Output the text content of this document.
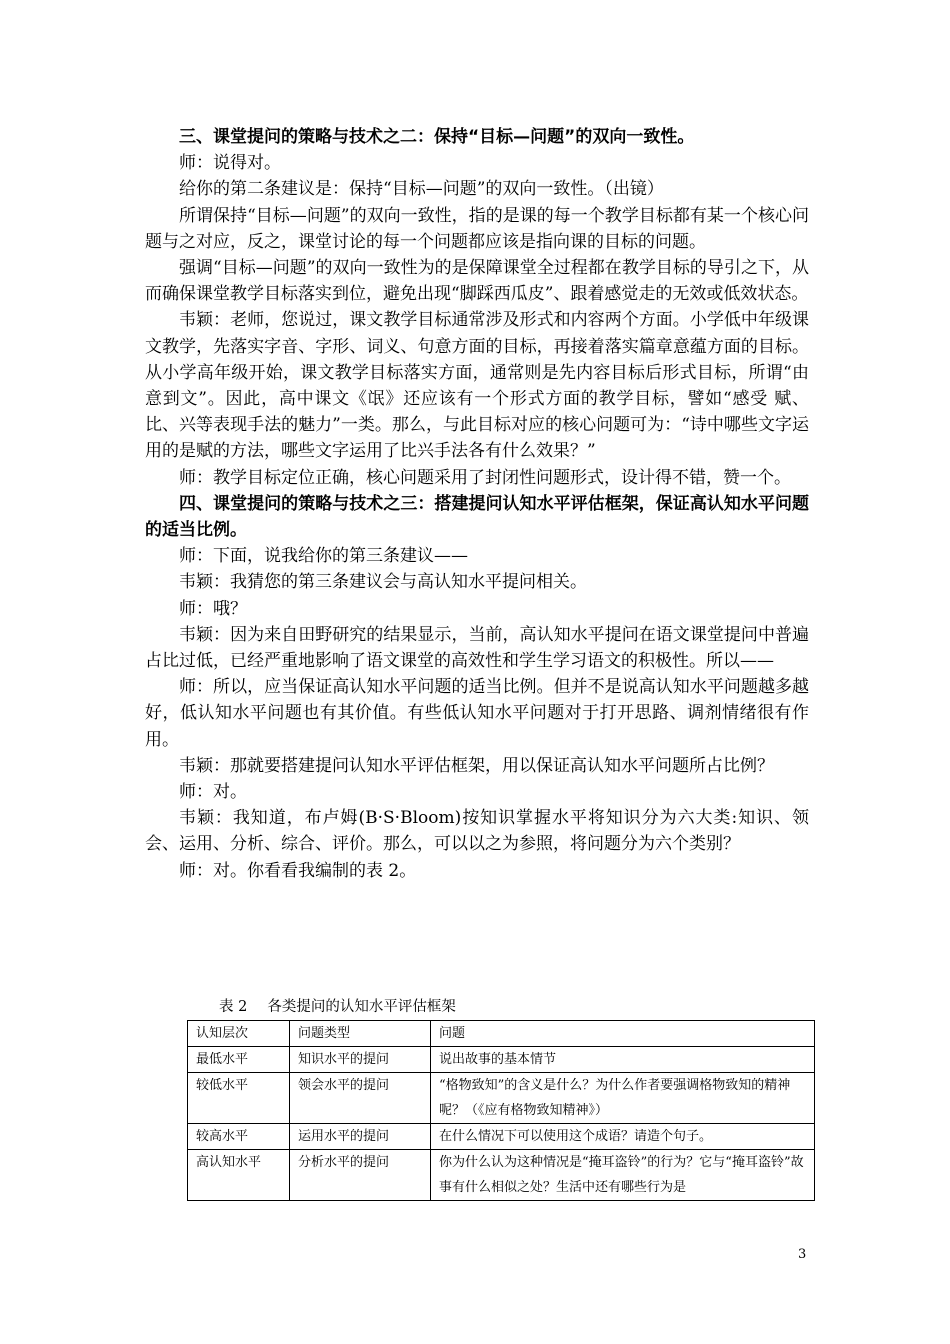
三、课堂提问的策略与技术之二：保持“目标—问题”的双向一致性。

师：说得对。

给你的第二条建议是：保持“目标—问题”的双向一致性。（出镜）

所谓保持“目标—问题”的双向一致性，指的是课的每一个教学目标都有某一个核心问题与之对应，反之，课堂讨论的每一个问题都应该是指向课的目标的问题。

强调“目标—问题”的双向一致性为的是保障课堂全过程都在教学目标的导引之下，从而确保课堂教学目标落实到位，避免出现“脚踩西瓜皮”、跟着感觉走的无效或低效状态。

韦颖：老师，您说过，课文教学目标通常涉及形式和内容两个方面。小学低中年级课文教学，先落实字音、字形、词义、句意方面的目标，再接着落实篇章意蕴方面的目标。从小学高年级开始，课文教学目标落实方面，通常则是先内容目标后形式目标，所谓“由意到文”。因此，高中课文《氓》还应该有一个形式方面的教学目标，譬如“感受 赋、比、兴等表现手法的魅力”一类。那么，与此目标对应的核心问题可为：“诗中哪些文字运用的是赋的方法，哪些文字运用了比兴手法各有什么效果？”

师：教学目标定位正确，核心问题采用了封闭性问题形式，设计得不错，赞一个。

四、课堂提问的策略与技术之三：搭建提问认知水平评估框架，保证高认知水平问题的适当比例。

师：下面，说我给你的第三条建议——

韦颖：我猜您的第三条建议会与高认知水平提问相关。

师：哦？

韦颖：因为来自田野研究的结果显示，当前，高认知水平提问在语文课堂提问中普遍占比过低，已经严重地影响了语文课堂的高效性和学生学习语文的积极性。所以——

师：所以，应当保证高认知水平问题的适当比例。但并不是说高认知水平问题越多越好，低认知水平问题也有其价值。有些低认知水平问题对于打开思路、调剂情绪很有作用。

韦颖：那就要搭建提问认知水平评估框架，用以保证高认知水平问题所占比例？

师：对。

韦颖：我知道，布卢姆(B·S·Bloom)按知识掌握水平将知识分为六大类:知识、领会、运用、分析、综合、评价。那么，可以以之为参照，将问题分为六个类别？

师：对。你看看我编制的表 2。

表 2 各类提问的认知水平评估框架
认知层次	问题类型	问题
最低水平	知识水平的提问	说出故事的基本情节
较低水平	领会水平的提问	“格物致知”的含义是什么？为什么作者要强调格物致知的精神呢？（《应有格物致知精神》）
较高水平	运用水平的提问	在什么情况下可以使用这个成语？请造个句子。
高认知水平	分析水平的提问	你为什么认为这种情况是“掩耳盗铃”的行为？它与“掩耳盗铃”故事有什么相似之处？生活中还有哪些行为是
3
